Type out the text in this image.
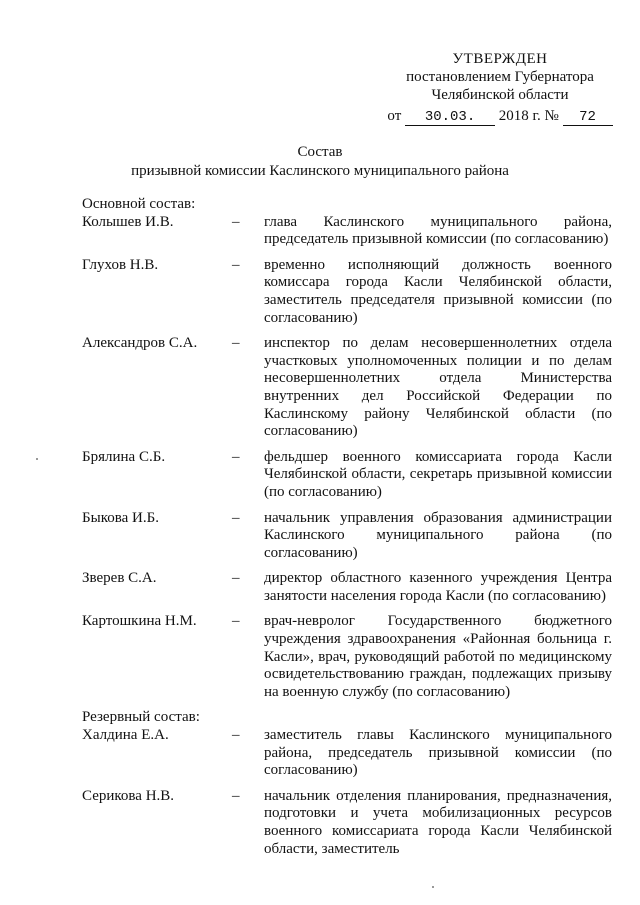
УТВЕРЖДЕН
постановлением Губернатора
Челябинской области
от 30.03. 2018 г. № 72
Состав
призывной комиссии Каслинского муниципального района
Основной состав:
Колышев И.В.	–	глава Каслинского муниципального района, председатель призывной комиссии (по согласованию)
Глухов Н.В.	–	временно исполняющий должность военного комиссара города Касли Челябинской области, заместитель председателя призывной комиссии (по согласованию)
Александров С.А.	–	инспектор по делам несовершеннолетних отдела участковых уполномоченных полиции и по делам несовершеннолетних отдела Министерства внутренних дел Российской Федерации по Каслинскому району Челябинской области (по согласованию)
Брялина С.Б.	–	фельдшер военного комиссариата города Касли Челябинской области, секретарь призывной комиссии (по согласованию)
Быкова И.Б.	–	начальник управления образования администрации Каслинского муниципального района (по согласованию)
Зверев С.А.	–	директор областного казенного учреждения Центра занятости населения города Касли (по согласованию)
Картошкина Н.М.	–	врач-невролог Государственного бюджетного учреждения здравоохранения «Районная больница г. Касли», врач, руководящий работой по медицинскому освидетельствованию граждан, подлежащих призыву на военную службу (по согласованию)
Резервный состав:
Халдина Е.А.	–	заместитель главы Каслинского муниципального района, председатель призывной комиссии (по согласованию)
Серикова Н.В.	–	начальник отделения планирования, предназначения, подготовки и учета мобилизационных ресурсов военного комиссариата города Касли Челябинской области, заместитель
